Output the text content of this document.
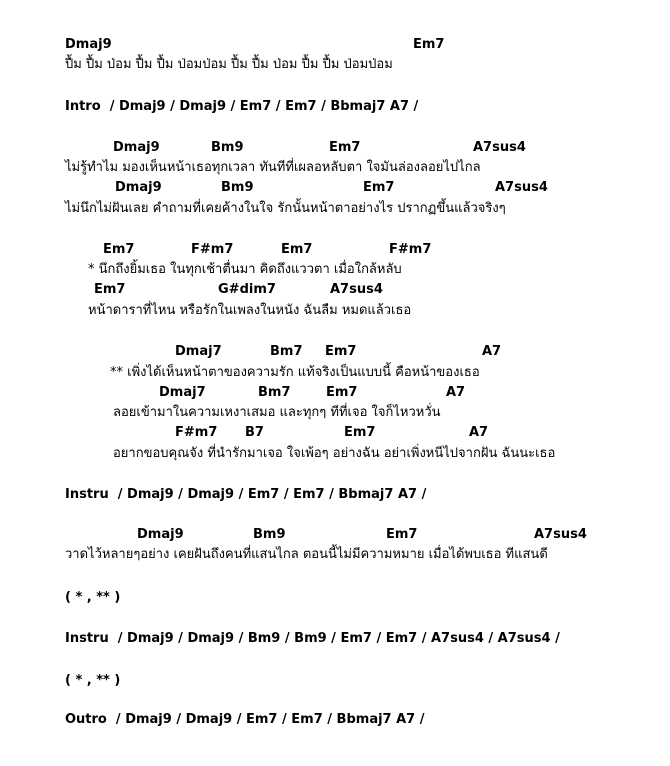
Dmaj9	Em7
ปื้ม ปื้ม ป่อม ปื้ม ปื้ม ป่อมป่อม ปื้ม ปื้ม ป่อม ปื้ม ปื้ม ป่อมป่อม
Intro  / Dmaj9 / Dmaj9 / Em7 / Em7 / Bbmaj7 A7 /
Dmaj9	Bm9	Em7	A7sus4
ไม่รู้ทำไม มองเห็นหน้าเธอทุกเวลา ทันทีที่เผลอหลับตา ใจมันล่องลอยไปไกล
Dmaj9	Bm9	Em7	A7sus4
ไม่นึกไม่ฝันเลย คำถามที่เคยค้างในใจ รักนั้นหน้าตาอย่างไร ปรากฏขึ้นแล้วจริงๆ
Em7	F#m7	Em7	F#m7
* นึกถึงยิ้มเธอ ในทุกเช้าตื่นมา คิดถึงแววตา เมื่อใกล้หลับ
Em7	G#dim7	A7sus4
หน้าดาราที่ไหน หรือรักในเพลงในหนัง ฉันลืม หมดแล้วเธอ
Dmaj7	Bm7 Em7	A7
** เพิ่งได้เห็นหน้าตาของความรัก แท้จริงเป็นแบบนี้ คือหน้าของเธอ
Dmaj7	Bm7	Em7	A7
ลอยเข้ามาในความเหงาเสมอ และทุกๆ ทีที่เจอ ใจก็ไหวหวั่น
F#m7 B7	Em7	A7
อยากขอบคุณจัง ที่นำรักมาเจอ ใจเพ้อๆ อย่างฉัน อย่าเพิ่งหนีไปจากฝัน ฉันนะเธอ
Instru  / Dmaj9 / Dmaj9 / Em7 / Em7 / Bbmaj7 A7 /
Dmaj9	Bm9	Em7	A7sus4
วาดไว้หลายๆอย่าง เคยฝันถึงคนที่แสนไกล ตอนนี้ไม่มีความหมาย เมื่อได้พบเธอ ทีแสนดี
( * , ** )
Instru  / Dmaj9 / Dmaj9 / Bm9 / Bm9 / Em7 / Em7 / A7sus4 / A7sus4 /
( * , ** )
Outro  / Dmaj9 / Dmaj9 / Em7 / Em7 / Bbmaj7 A7 /
